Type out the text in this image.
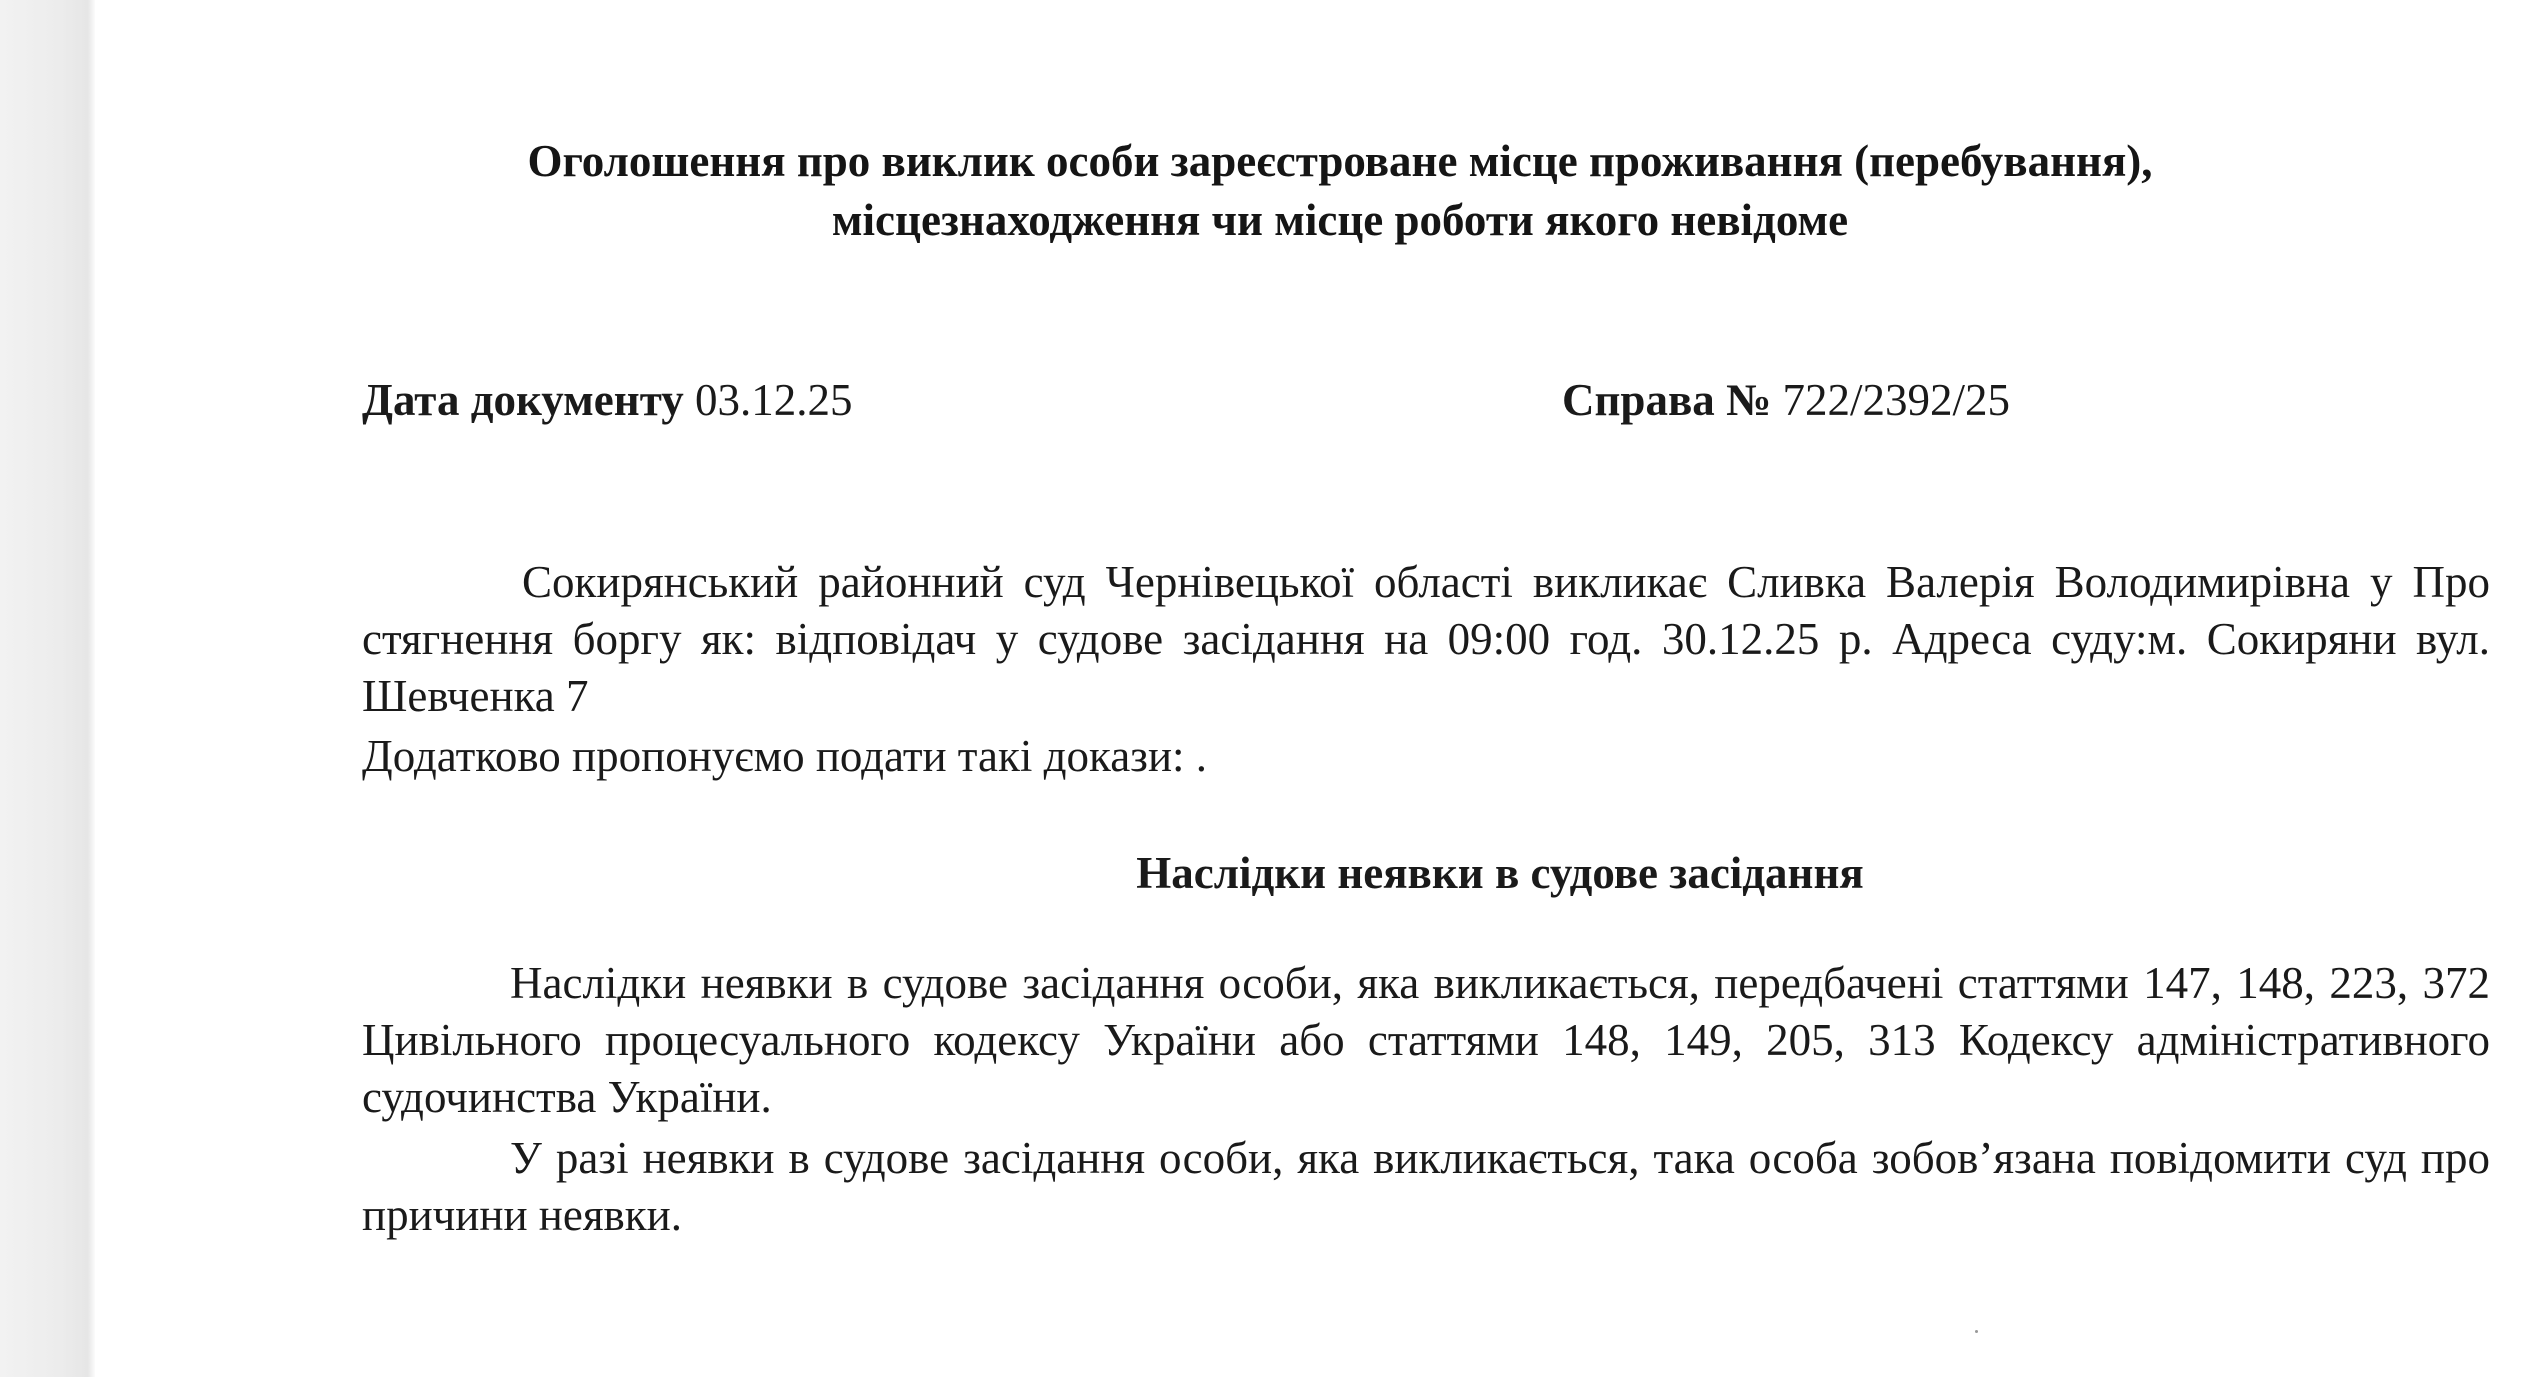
Оголошення про виклик особи зареєстроване місце проживання (перебування),
місцезнаходження чи місце роботи якого невідоме
Дата документу 03.12.25	Справа № 722/2392/25
Сокирянський районний суд Чернівецької області викликає Сливка Валерія Володимирівна у Про стягнення боргу як: відповідач у судове засідання на 09:00 год. 30.12.25 р. Адреса суду:м. Сокиряни вул. Шевченка 7
Додатково пропонуємо подати такі докази: .
Наслідки неявки в судове засідання
Наслідки неявки в судове засідання особи, яка викликається, передбачені статтями 147, 148, 223, 372 Цивільного процесуального кодексу України або статтями 148, 149, 205, 313 Кодексу адміністративного судочинства України.
У разі неявки в судове засідання особи, яка викликається, така особа зобов’язана повідомити суд про причини неявки.
